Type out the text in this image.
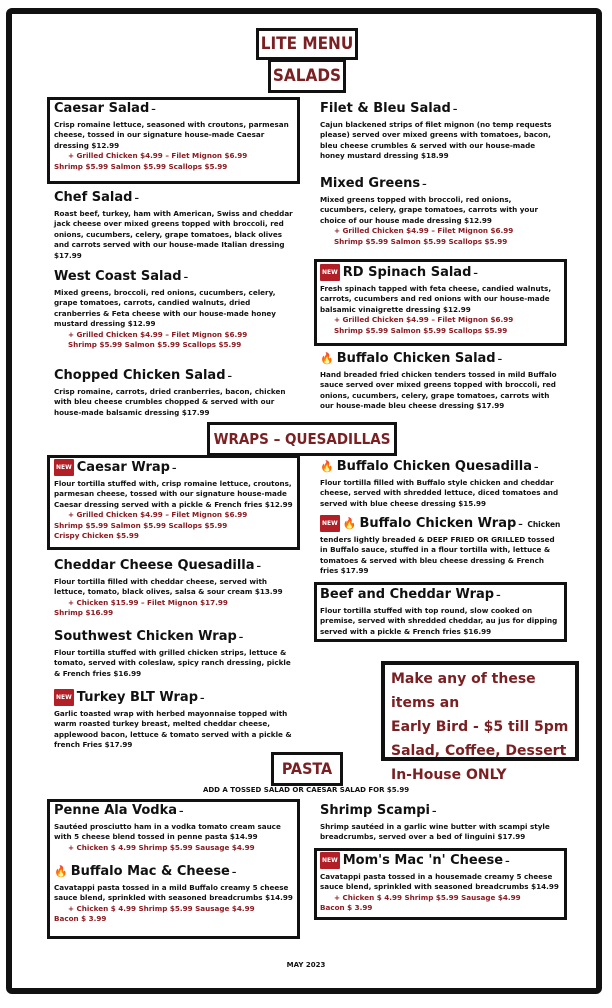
LITE MENU
SALADS
Caesar Salad –

Crisp romaine lettuce, seasoned with croutons, parmesan cheese, tossed in our signature house-made Caesar dressing $12.99

+ Grilled Chicken $4.99 – Filet Mignon $6.99

Shrimp $5.99 Salmon $5.99 Scallops $5.99

Chef Salad –

Roast beef, turkey, ham with American, Swiss and cheddar jack cheese over mixed greens topped with broccoli, red onions, cucumbers, celery, grape tomatoes, black olives and carrots served with our house-made Italian dressing $17.99

West Coast Salad –

Mixed greens, broccoli, red onions, cucumbers, celery, grape tomatoes, carrots, candied walnuts, dried cranberries & Feta cheese with our house-made honey mustard dressing $12.99

+ Grilled Chicken $4.99 – Filet Mignon $6.99

Shrimp $5.99 Salmon $5.99 Scallops $5.99

Chopped Chicken Salad –

Crisp romaine, carrots, dried cranberries, bacon, chicken with bleu cheese crumbles chopped & served with our house-made balsamic dressing $17.99

Filet & Bleu Salad –

Cajun blackened strips of filet mignon (no temp requests please) served over mixed greens with tomatoes, bacon, bleu cheese crumbles & served with our house-made honey mustard dressing $18.99

Mixed Greens –

Mixed greens topped with broccoli, red onions, cucumbers, celery, grape tomatoes, carrots with your choice of our house made dressing $12.99

+ Grilled Chicken $4.99 – Filet Mignon $6.99

Shrimp $5.99 Salmon $5.99 Scallops $5.99

NEW RD Spinach Salad –

Fresh spinach tapped with feta cheese, candied walnuts, carrots, cucumbers and red onions with our house-made balsamic vinaigrette dressing $12.99

+ Grilled Chicken $4.99 – Filet Mignon $6.99

Shrimp $5.99 Salmon $5.99 Scallops $5.99

🔥 Buffalo Chicken Salad –

Hand breaded fried chicken tenders tossed in mild Buffalo sauce served over mixed greens topped with broccoli, red onions, cucumbers, celery, grape tomatoes, carrots with our house-made bleu cheese dressing $17.99

WRAPS – QUESADILLAS
NEW Caesar Wrap –

Flour tortilla stuffed with, crisp romaine lettuce, croutons, parmesan cheese, tossed with our signature house-made Caesar dressing served with a pickle & French fries $12.99

+ Grilled Chicken $4.99 – Filet Mignon $6.99

Shrimp $5.99 Salmon $5.99 Scallops $5.99

Crispy Chicken $5.99

Cheddar Cheese Quesadilla –

Flour tortilla filled with cheddar cheese, served with lettuce, tomato, black olives, salsa & sour cream $13.99

+ Chicken $15.99 – Filet Mignon $17.99

Shrimp $16.99

Southwest Chicken Wrap –

Flour tortilla stuffed with grilled chicken strips, lettuce & tomato, served with coleslaw, spicy ranch dressing, pickle & French fries $16.99

NEW Turkey BLT Wrap –

Garlic toasted wrap with herbed mayonnaise topped with warm roasted turkey breast, melted cheddar cheese, applewood bacon, lettuce & tomato served with a pickle & french Fries $17.99

🔥 Buffalo Chicken Quesadilla –

Flour tortilla filled with Buffalo style chicken and cheddar cheese, served with shredded lettuce, diced tomatoes and served with blue cheese dressing $15.99

NEW 🔥 Buffalo Chicken Wrap – Chicken

tenders lightly breaded & DEEP FRIED OR GRILLED tossed in Buffalo sauce, stuffed in a flour tortilla with, lettuce & tomatoes & served with bleu cheese dressing & French fries $17.99

Beef and Cheddar Wrap –

Flour tortilla stuffed with top round, slow cooked on premise, served with shredded cheddar, au jus for dipping served with a pickle & French fries $16.99

Make any of these items an
Early Bird - $5 till 5pm
Salad, Coffee, Dessert
In-House ONLY
PASTA
ADD A TOSSED SALAD OR CAESAR SALAD FOR $5.99
Penne Ala Vodka –

Sautéed prosciutto ham in a vodka tomato cream sauce with 5 cheese blend tossed in penne pasta $14.99

+ Chicken $ 4.99 Shrimp $5.99 Sausage $4.99

🔥 Buffalo Mac & Cheese –

Cavatappi pasta tossed in a mild Buffalo creamy 5 cheese sauce blend, sprinkled with seasoned breadcrumbs $14.99

+ Chicken $ 4.99 Shrimp $5.99 Sausage $4.99

Bacon $ 3.99

Shrimp Scampi –

Shrimp sautéed in a garlic wine butter with scampi style breadcrumbs, served over a bed of linguini $17.99

NEW Mom's Mac 'n' Cheese –

Cavatappi pasta tossed in a housemade creamy 5 cheese sauce blend, sprinkled with seasoned breadcrumbs $14.99

+ Chicken $ 4.99 Shrimp $5.99 Sausage $4.99

Bacon $ 3.99

MAY 2023
